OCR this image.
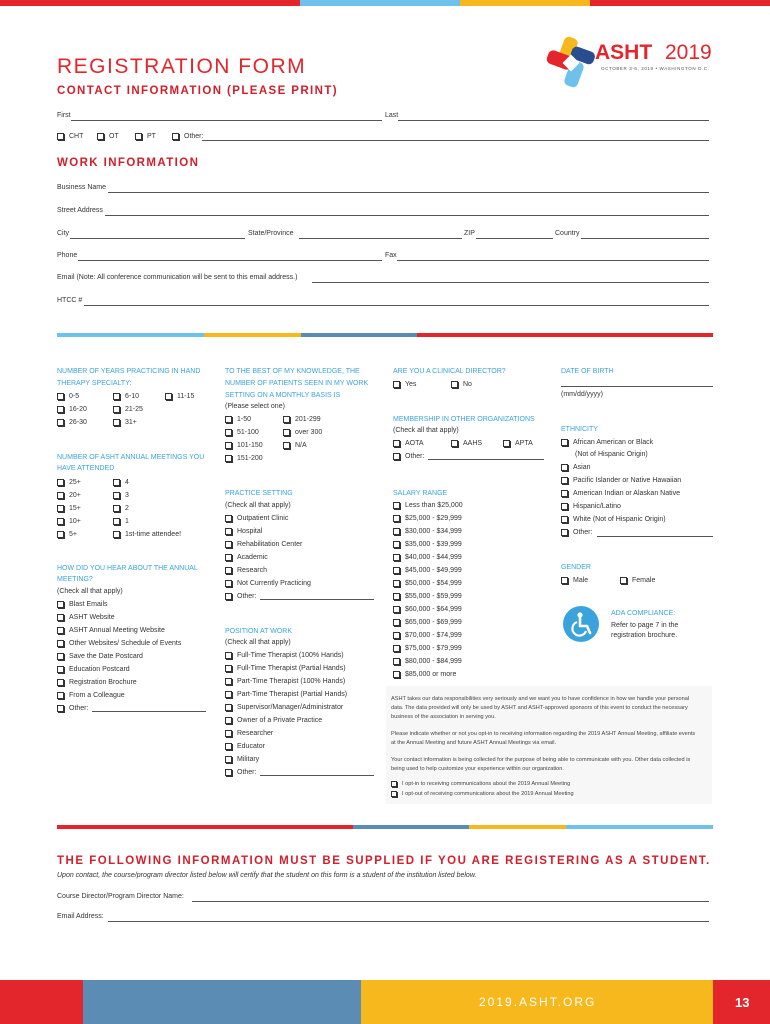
REGISTRATION FORM
CONTACT INFORMATION (PLEASE PRINT)
ASHT 2019
OCTOBER 3-6, 2019 • WASHINGTON D.C.
First	Last
CHT	OT	PT	Other:
WORK INFORMATION
Business Name
Street Address
City	State/Province	ZIP	Country
Phone	Fax
Email (Note: All conference communication will be sent to this email address.)
HTCC #
NUMBER OF YEARS PRACTICING IN HAND
THERAPY SPECIALTY:
0-5	6-10	11-15
16-20	21-25
26-30	31+
NUMBER OF ASHT ANNUAL MEETINGS YOU
HAVE ATTENDED
25+	4
20+	3
15+	2
10+	1
5+	1st-time attendee!
HOW DID YOU HEAR ABOUT THE ANNUAL
MEETING?
(Check all that apply)
Blast Emails
ASHT Website
ASHT Annual Meeting Website
Other Websites/ Schedule of Events
Save the Date Postcard
Education Postcard
Registration Brochure
From a Colleague
Other:
TO THE BEST OF MY KNOWLEDGE, THE
NUMBER OF PATIENTS SEEN IN MY WORK
SETTING ON A MONTHLY BASIS IS
(Please select one)
1-50	201-299
51-100	over 300
101-150	N/A
151-200
PRACTICE SETTING
(Check all that apply)
Outpatient Clinic
Hospital
Rehabilitation Center
Academic
Research
Not Currently Practicing
Other:
POSITION AT WORK
(Check all that apply)
Full-Time Therapist (100% Hands)
Full-Time Therapist (Partial Hands)
Part-Time Therapist (100% Hands)
Part-Time Therapist (Partial Hands)
Supervisor/Manager/Administrator
Owner of a Private Practice
Researcher
Educator
Military
Other:
ARE YOU A CLINICAL DIRECTOR?
Yes	No
MEMBERSHIP IN OTHER ORGANIZATIONS
(Check all that apply)
AOTA	AAHS	APTA
Other:
SALARY RANGE
Less than $25,000
$25,000 - $29,999
$30,000 - $34,999
$35,000 - $39,999
$40,000 - $44,999
$45,000 - $49,999
$50,000 - $54,999
$55,000 - $59,999
$60,000 - $64,999
$65,000 - $69,999
$70,000 - $74,999
$75,000 - $79,999
$80,000 - $84,999
$85,000 or more
DATE OF BIRTH
(mm/dd/yyyy)
ETHNICITY
African American or Black
(Not of Hispanic Origin)
Asian
Pacific Islander or Native Hawaiian
American Indian or Alaskan Native
Hispanic/Latino
White (Not of Hispanic Origin)
Other:
GENDER
Male	Female
ADA COMPLIANCE:
Refer to page 7 in the
registration brochure.
ASHT takes our data responsibilities very seriously and we want you to have confidence in how we handle your personal data. The data provided will only be used by ASHT and ASHT-approved sponsors of this event to conduct the necessary business of the association in serving you.
Please indicate whether or not you opt-in to receiving information regarding the 2019 ASHT Annual Meeting, affiliate events at the Annual Meeting and future ASHT Annual Meetings via email.
Your contact information is being collected for the purpose of being able to communicate with you. Other data collected is being used to help customize your experience within our organization.
I opt-in to receiving communications about the 2019 Annual Meeting
I opt-out of receiving communications about the 2019 Annual Meeting
THE FOLLOWING INFORMATION MUST BE SUPPLIED IF YOU ARE REGISTERING AS A STUDENT.
Upon contact, the course/program director listed below will certify that the student on this form is a student of the institution listed below.
Course Director/Program Director Name:
Email Address:
2019.ASHT.ORG	13
